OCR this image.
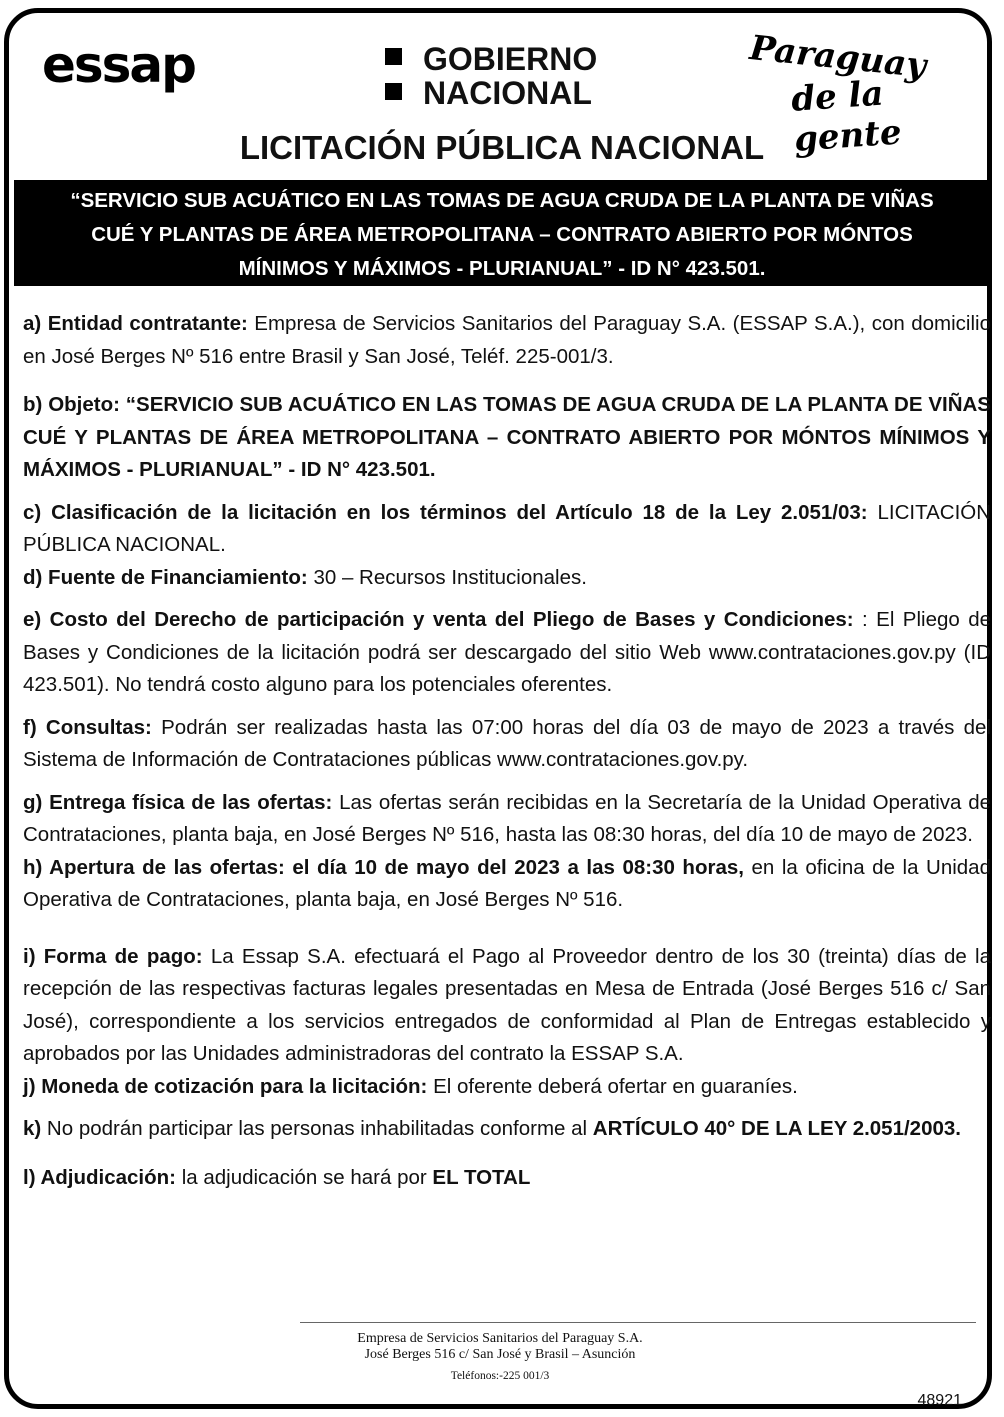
essap	GOBIERNO
NACIONAL
Paraguay
de la gente
LICITACIÓN PÚBLICA NACIONAL
“SERVICIO SUB ACUÁTICO EN LAS TOMAS DE AGUA CRUDA DE LA PLANTA DE VIÑAS
CUÉ Y PLANTAS DE ÁREA METROPOLITANA – CONTRATO ABIERTO POR MÓNTOS
MÍNIMOS Y MÁXIMOS - PLURIANUAL” - ID N° 423.501.

a) Entidad contratante: Empresa de Servicios Sanitarios del Paraguay S.A. (ESSAP S.A.), con domicilio en José Berges Nº 516 entre Brasil y San José, Teléf. 225-001/3.

b) Objeto: “SERVICIO SUB ACUÁTICO EN LAS TOMAS DE AGUA CRUDA DE LA PLANTA DE VIÑAS CUÉ Y PLANTAS DE ÁREA METROPOLITANA – CONTRATO ABIERTO POR MÓNTOS MÍNIMOS Y MÁXIMOS - PLURIANUAL” - ID N° 423.501.

c) Clasificación de la licitación en los términos del Artículo 18 de la Ley 2.051/03: LICITACIÓN PÚBLICA NACIONAL.

d) Fuente de Financiamiento: 30 – Recursos Institucionales.

e) Costo del Derecho de participación y venta del Pliego de Bases y Condiciones: : El Pliego de Bases y Condiciones de la licitación podrá ser descargado del sitio Web www.contrataciones.gov.py (ID 423.501). No tendrá costo alguno para los potenciales oferentes.

f) Consultas: Podrán ser realizadas hasta las 07:00 horas del día 03 de mayo de 2023 a través del Sistema de Información de Contrataciones públicas www.contrataciones.gov.py.

g) Entrega física de las ofertas: Las ofertas serán recibidas en la Secretaría de la Unidad Operativa de Contrataciones, planta baja, en José Berges Nº 516, hasta las 08:30 horas, del día 10 de mayo de 2023.

h) Apertura de las ofertas: el día 10 de mayo del 2023 a las 08:30 horas, en la oficina de la Unidad Operativa de Contrataciones, planta baja, en José Berges Nº 516.

i) Forma de pago: La Essap S.A. efectuará el Pago al Proveedor dentro de los 30 (treinta) días de la recepción de las respectivas facturas legales presentadas en Mesa de Entrada (José Berges 516 c/ San José), correspondiente a los servicios entregados de conformidad al Plan de Entregas establecido y aprobados por las Unidades administradoras del contrato la ESSAP S.A.

j) Moneda de cotización para la licitación: El oferente deberá ofertar en guaraníes.

k) No podrán participar las personas inhabilitadas conforme al ARTÍCULO 40° DE LA LEY 2.051/2003.

l) Adjudicación: la adjudicación se hará por EL TOTAL

Empresa de Servicios Sanitarios del Paraguay S.A.
José Berges 516 c/ San José y Brasil – Asunción
Teléfonos:-225 001/3
48921
